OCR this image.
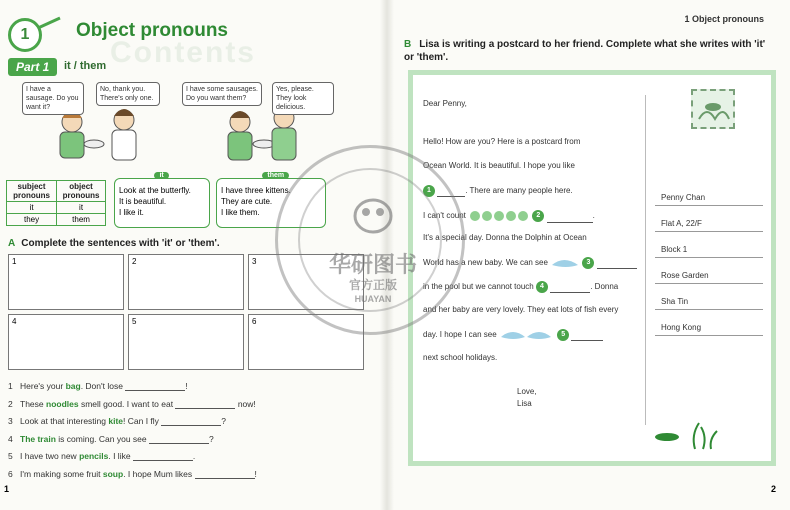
Contents
1	Object pronouns
Part 1	it / them
I have a sausage. Do you want it?
No, thank you. There's only one.
I have some sausages. Do you want them?
Yes, please. They look delicious.
subject pronouns	object pronouns
it	it
they	them
it
Look at the butterfly.
It is beautiful.
I like it.
them
I have three kittens.
They are cute.
I like them.
A Complete the sentences with 'it' or 'them'.
1	2	3
4	5	6
1 Here's your bag. Don't lose	!
2 These noodles smell good. I want to eat	now!
3 Look at that interesting kite! Can I fly	?
4 The train is coming. Can you see	?
5 I have two new pencils. I like	.
6 I'm making some fruit soup. I hope Mum likes	!
1
1 Object pronouns
B Lisa is writing a postcard to her friend. Complete what she writes with 'it' or 'them'.
Dear Penny,
Hello! How are you? Here is a postcard from
Ocean World. It is beautiful. I hope you like
1	. There are many people here.
I can't count	2	.
It's a special day. Donna the Dolphin at Ocean
World has a new baby. We can see	3
in the pool but we cannot touch 4	. Donna
and her baby are very lovely. They eat lots of fish every
day. I hope I can see	5
next school holidays.
Love,
Lisa
Penny Chan
Flat A, 22/F
Block 1
Rose Garden
Sha Tin
Hong Kong
2
华研图书
官方正版
HUAYAN
